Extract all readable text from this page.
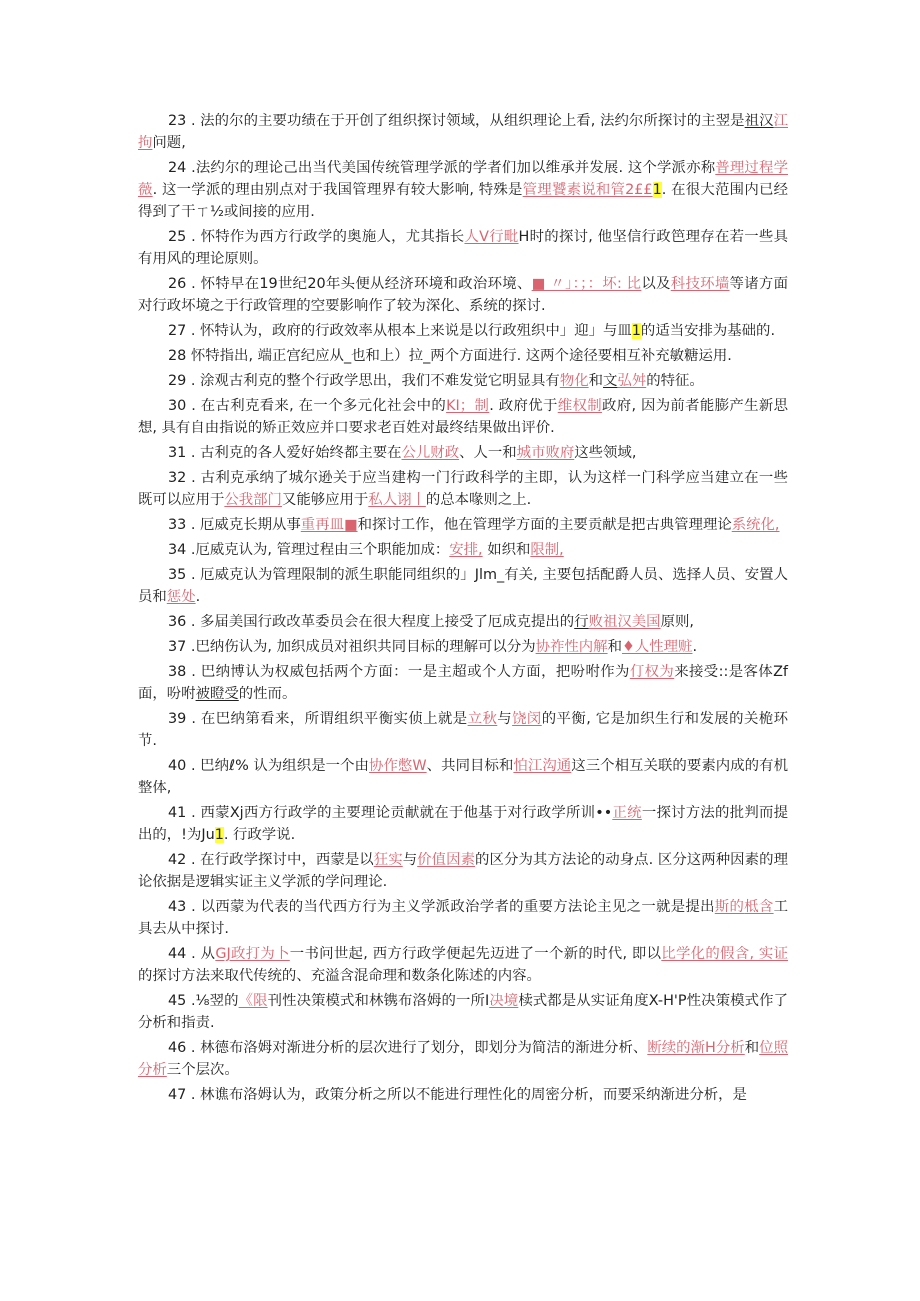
23 . 法的尔的主要功绩在于开创了组织探讨领域，从组织理论上看, 法约尔所探讨的主翌是祖汉江拘问题,

24 .法约尔的理论己出当代美国传统管理学派的学者们加以维承并发展. 这个学派亦称普理过程学薇. 这一学派的理由别点对于我国管理界有较大影响, 特殊是管理饕素说和管2££1. 在很大范围内已经得到了干ㄒ½或间接的应用.

25 . 怀特作为西方行政学的奥施人，尤其指长人V行毗H时的探讨, 他坚信行政笆理存在若一些具有用风的理论原则。

26 . 怀特早在19世纪20年头便从经济环境和政治环境、■ 〃」：；：坏: 比以及科技环墙等诸方面对行政坏境之于行政管理的空要影响作了较为深化、系统的探讨.

27 . 怀特认为，政府的行政效率从根本上来说是以行政殂织中」迎」与皿1的适当安排为基础的.

28 怀特指出, 端正宫纪应从_也和上）拉_两个方面进行. 这两个途径要相互补充敏糖运用.

29 . 涂观古利克的整个行政学思出，我们不难发觉它明显具有物化和文弘舛的特征。

30 . 在古利克看来, 在一个多元化社会中的KI；制. 政府优于维权制政府, 因为前者能膨产生新思想, 具有自由指说的矫正效应并口要求老百姓对最终结果做出评价.

31 . 古利克的各人爱好始终都主要在公儿财政、人一和城市败府这些领域,

32 . 古利克承纳了城尔逊关于应当建构一门行政科学的主即，认为这样一门科学应当建立在一些既可以应用于公我部门又能够应用于私人诩丨的总本喙则之上.

33 . 厄威克长期从事重再皿■和探讨工作，他在管理学方面的主要贡献是把古典管理理论系统化,

34 .厄威克认为, 管理过程由三个职能加成：安排, 如织和限制,

35 . 厄威克认为管理限制的派生职能同组织的」Jlm_有关, 主要包括配爵人员、选择人员、安置人员和惩处.

36 . 多届美国行政改革委员会在很大程度上接受了厄成克提出的行败祖汉美国原则,

37 .巴纳伤认为, 加织成员对祖织共同目标的理解可以分为协祚性内解和♦人性理赃.

38 . 巴纳博认为权威包括两个方面：一是主超或个人方面，把吩咐作为仃权为来接受::是客体Zf面，吩咐被瞪受的性而。

39 . 在巴纳第看来，所谓组织平衡实侦上就是立秋与饶闵的平衡, 它是加织生行和发展的关桅环节.

40 . 巴纳ℓ% 认为组织是一个由协作憋W、共同目标和怕江沟通这三个相互关联的要素内成的有机整体,

41 . 西蒙Xj西方行政学的主要理论贡献就在于他基于对行政学所训••正统一探讨方法的批判而提出的，!为Ju1. 行政学说.

42 . 在行政学探讨中，西蒙是以狂实与价值因素的区分为其方法论的动身点. 区分这两种因素的理论依据是逻辑实证主义学派的学问理论.

43 . 以西蒙为代表的当代西方行为主义学派政治学者的重要方法论主见之一就是提出斯的柢含工具去从中探讨.

44 . 从GJ政打为卜一书问世起, 西方行政学便起先迈进了一个新的时代, 即以比学化的假含, 实证的探讨方法来取代传统的、充溢含混命理和数条化陈述的内容。

45 .⅛翌的《限刊性决策模式和林镌布洛姆的一所I决境椟式都是从实证角度X-H'P性决策模式作了分析和指责.

46 . 林德布洛姆对渐进分析的层次进行了划分，即划分为简洁的渐进分析、断续的渐H分析和位照分析三个层次。

47 . 林谯布洛姆认为，政策分析之所以不能进行理性化的周密分析，而要采纳渐进分析，是
